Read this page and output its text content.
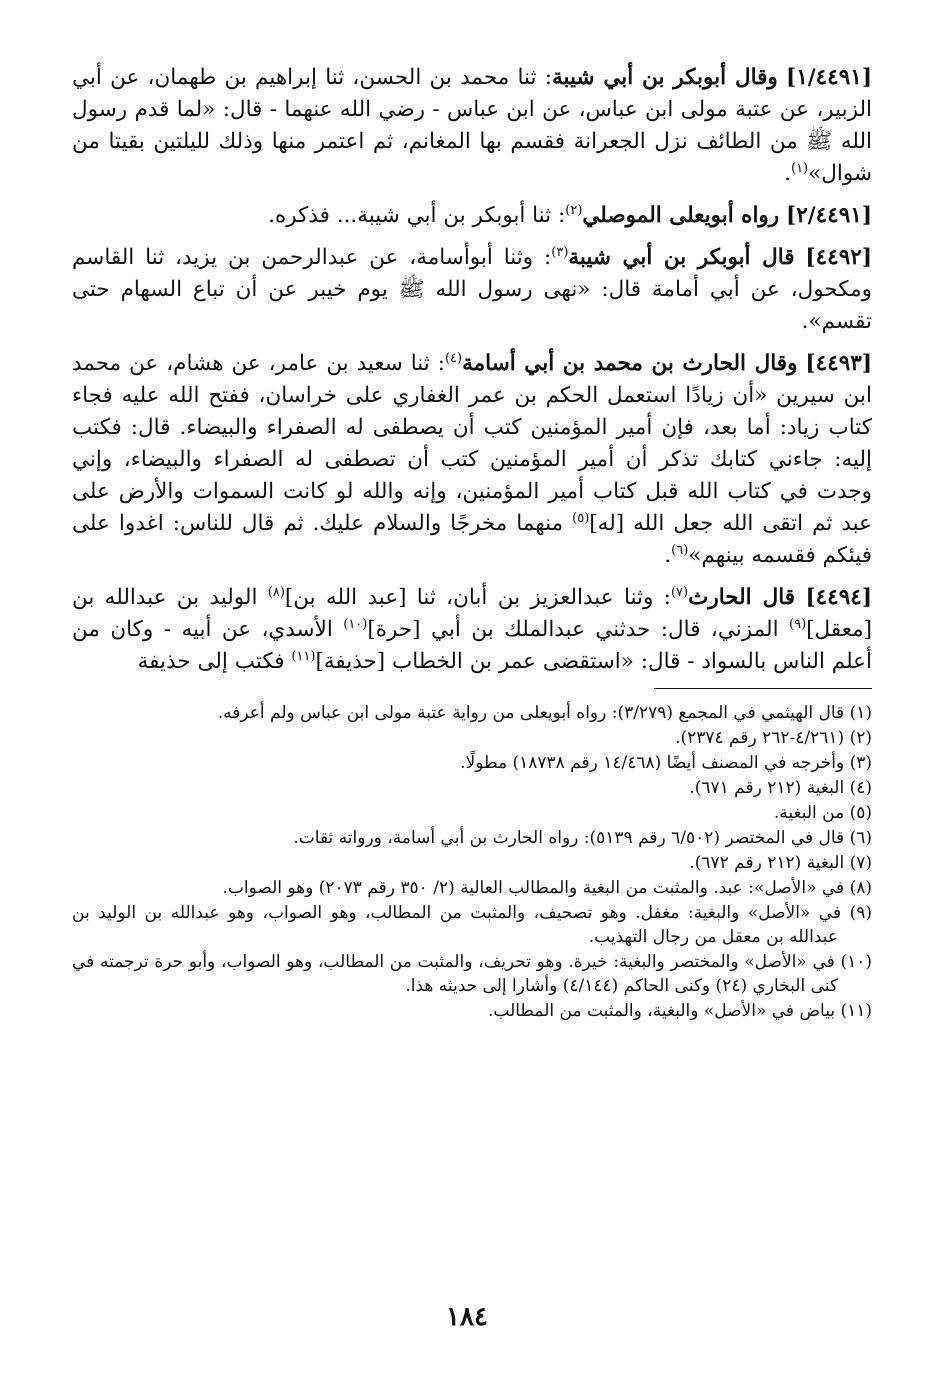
[١/٤٤٩١] وقال أبوبكر بن أبي شيبة: ثنا محمد بن الحسن، ثنا إبراهيم بن طهمان، عن أبي الزبير، عن عتبة مولى ابن عباس، عن ابن عباس - رضي الله عنهما - قال: «لما قدم رسول الله ﷺ من الطائف نزل الجعرانة فقسم بها المغانم، ثم اعتمر منها وذلك لليلتين بقيتا من شوال»$^{(١)}$.

[٢/٤٤٩١] رواه أبويعلى الموصلي$^{(٢)}$: ثنا أبوبكر بن أبي شيبة... فذكره.

[٤٤٩٢] قال أبوبكر بن أبي شيبة$^{(٣)}$: وثنا أبوأسامة، عن عبدالرحمن بن يزيد، ثنا القاسم ومكحول، عن أبي أمامة قال: «نهى رسول الله ﷺ يوم خيبر عن أن تباع السهام حتى تقسم».

[٤٤٩٣] وقال الحارث بن محمد بن أبي أسامة$^{(٤)}$: ثنا سعيد بن عامر، عن هشام، عن محمد ابن سيرين «أن زيادًا استعمل الحكم بن عمر الغفاري على خراسان، ففتح الله عليه فجاء كتاب زياد: أما بعد، فإن أمير المؤمنين كتب أن يصطفى له الصفراء والبيضاء. قال: فكتب إليه: جاءني كتابك تذكر أن أمير المؤمنين كتب أن تصطفى له الصفراء والبيضاء، وإني وجدت في كتاب الله قبل كتاب أمير المؤمنين، وإنه والله لو كانت السموات والأرض على عبد ثم اتقى الله جعل الله [له]$^{(٥)}$ منهما مخرجًا والسلام عليك. ثم قال للناس: اغدوا على فيئكم فقسمه بينهم»$^{(٦)}$.

[٤٤٩٤] قال الحارث$^{(٧)}$: وثنا عبدالعزيز بن أبان، ثنا [عبد الله بن]$^{(٨)}$ الوليد بن عبدالله بن [معقل]$^{(٩)}$ المزني، قال: حدثني عبدالملك بن أبي [حرة]$^{(١٠)}$ الأسدي، عن أبيه - وكان من أعلم الناس بالسواد - قال: «استقضى عمر بن الخطاب [حذيفة]$^{(١١)}$ فكتب إلى حذيفة

(١) قال الهيثمي في المجمع (٣/٢٧٩): رواه أبويعلى من رواية عتبة مولى ابن عباس ولم أعرفه.
(٢) (٤/٢٦١-٢٦٢ رقم ٢٣٧٤).
(٣) وأخرجه في المصنف أيضًا (١٤/٤٦٨ رقم ١٨٧٣٨) مطولًا.
(٤) البغية (٢١٢ رقم ٦٧١).
(٥) من البغية.
(٦) قال في المختصر (٦/٥٠٢ رقم ٥١٣٩): رواه الحارث بن أبي أسامة، ورواته ثقات.
(٧) البغية (٢١٢ رقم ٦٧٢).
(٨) في «الأصل»: عبد. والمثبت من البغية والمطالب العالية (٢/ ٣٥٠ رقم ٢٠٧٣) وهو الصواب.
(٩) في «الأصل» والبغية: مغفل. وهو تصحيف، والمثبت من المطالب، وهو الصواب، وهو عبدالله بن الوليد بن عبدالله بن معقل من رجال التهذيب.
(١٠) في «الأصل» والمختصر والبغية: خيرة. وهو تحريف، والمثبت من المطالب، وهو الصواب، وأبو حرة ترجمته في كنى البخاري (٢٤) وكنى الحاكم (٤/١٤٤) وأشارا إلى حديثه هذا.
(١١) بياض في «الأصل» والبغية، والمثبت من المطالب.
١٨٤
